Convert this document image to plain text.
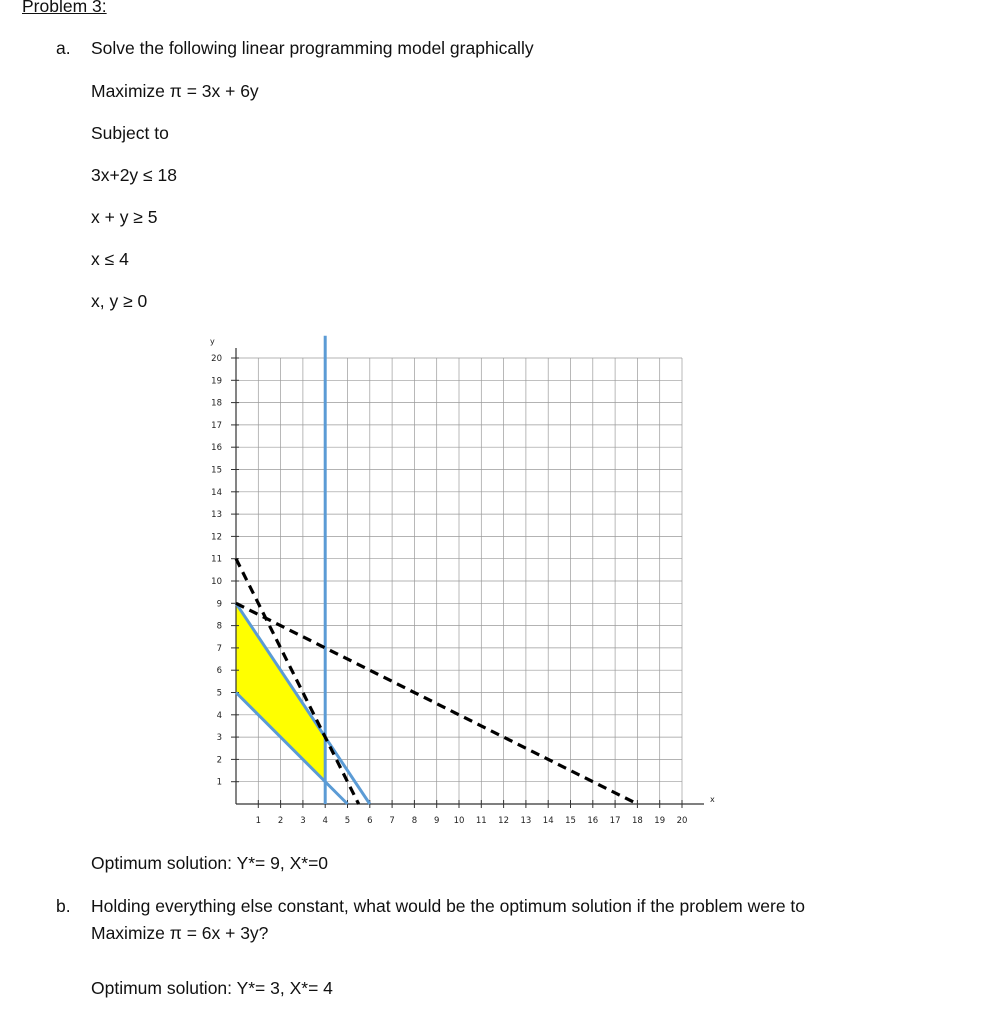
Problem 3:
a. Solve the following linear programming model graphically
Maximize π = 3x + 6y
Subject to
3x+2y ≤ 18
x + y ≥ 5
x ≤ 4
x, y ≥ 0
1 2 3 4 5 6 7 8 9 10 11 12 13 14 15 16 17 18 19 20
1
2
3
4
5
6
7
8
9
10
11
12
13
14
15
16
17
18
19
20
x
y
Optimum solution: Y*= 9, X*=0
b. Holding everything else constant, what would be the optimum solution if the problem were to
Maximize π = 6x + 3y?
Optimum solution: Y*= 3, X*= 4
